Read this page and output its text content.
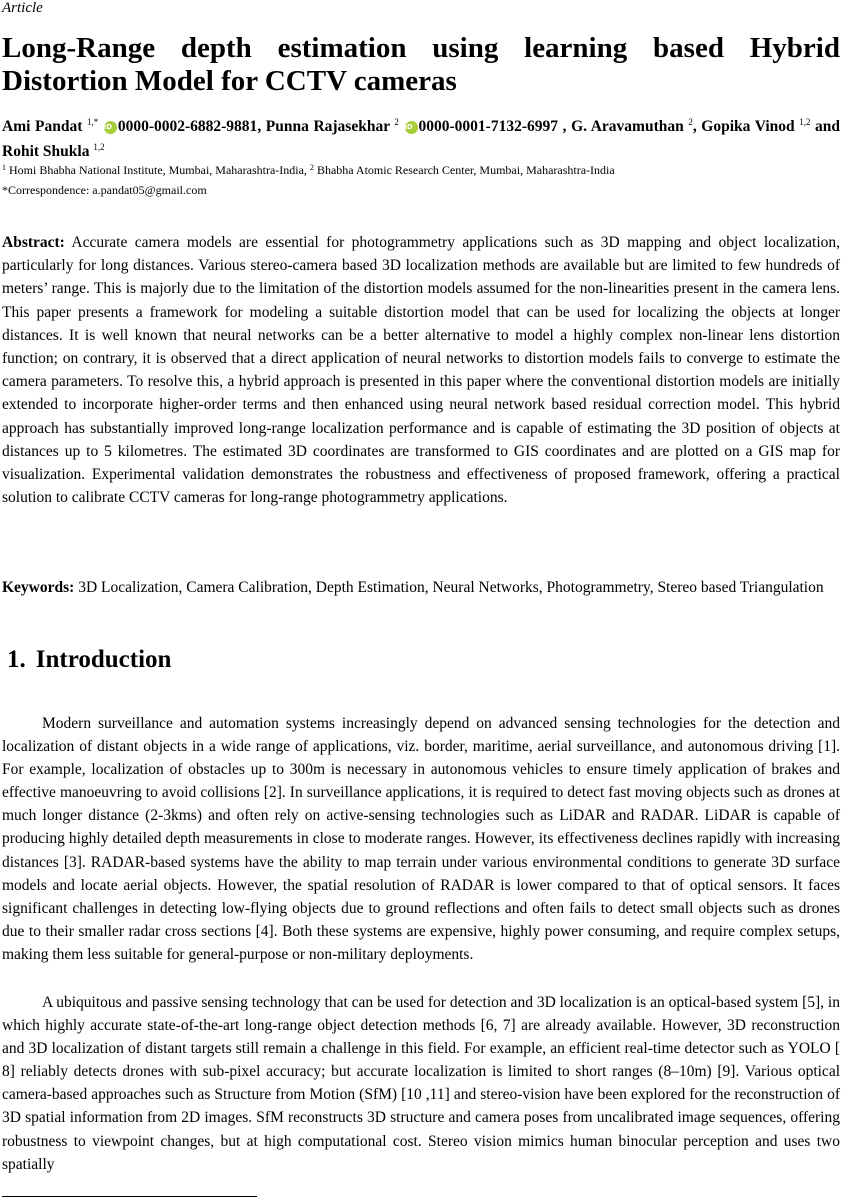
Article
Long-Range depth estimation using learning based Hybrid Distortion Model for CCTV cameras
Ami Pandat $^{1,*}$ iD 0000-0002-6882-9881, Punna Rajasekhar $^2$ iD 0000-0001-7132-6997 , G. Aravamuthan $^2$, Gopika Vinod $^{1,2}$ and Rohit Shukla $^{1,2}$
$^1$ Homi Bhabha National Institute, Mumbai, Maharashtra-India, $^2$ Bhabha Atomic Research Center, Mumbai, Maharashtra-India
*Correspondence: a.pandat05@gmail.com

Abstract: Accurate camera models are essential for photogrammetry applications such as 3D mapping and object localization, particularly for long distances. Various stereo-camera based 3D localization methods are available but are limited to few hundreds of meters’ range. This is majorly due to the limitation of the distortion models assumed for the non-linearities present in the camera lens. This paper presents a framework for modeling a suitable distortion model that can be used for localizing the objects at longer distances. It is well known that neural networks can be a better alternative to model a highly complex non-linear lens distortion function; on contrary, it is observed that a direct application of neural networks to distortion models fails to converge to estimate the camera parameters. To resolve this, a hybrid approach is presented in this paper where the conventional distortion models are initially extended to incorporate higher-order terms and then enhanced using neural network based residual correction model. This hybrid approach has substantially improved long-range localization performance and is capable of estimating the 3D position of objects at distances up to 5 kilometres. The estimated 3D coordinates are transformed to GIS coordinates and are plotted on a GIS map for visualization. Experimental validation demonstrates the robustness and effectiveness of proposed framework, offering a practical solution to calibrate CCTV cameras for long-range photogrammetry applications.

Keywords: 3D Localization, Camera Calibration, Depth Estimation, Neural Networks, Photogrammetry, Stereo based Triangulation

1. Introduction

Modern surveillance and automation systems increasingly depend on advanced sensing technologies for the detection and localization of distant objects in a wide range of applications, viz. border, maritime, aerial surveillance, and autonomous driving [1]. For example, localization of obstacles up to 300m is necessary in autonomous vehicles to ensure timely application of brakes and effective manoeuvring to avoid collisions [2]. In surveillance applications, it is required to detect fast moving objects such as drones at much longer distance (2-3kms) and often rely on active-sensing technologies such as LiDAR and RADAR. LiDAR is capable of producing highly detailed depth measurements in close to moderate ranges. However, its effectiveness declines rapidly with increasing distances [3]. RADAR-based systems have the ability to map terrain under various environmental conditions to generate 3D surface models and locate aerial objects. However, the spatial resolution of RADAR is lower compared to that of optical sensors. It faces significant challenges in detecting low-flying objects due to ground reflections and often fails to detect small objects such as drones due to their smaller radar cross sections [4]. Both these systems are expensive, highly power consuming, and require complex setups, making them less suitable for general-purpose or non-military deployments.

A ubiquitous and passive sensing technology that can be used for detection and 3D localization is an optical-based system [5], in which highly accurate state-of-the-art long-range object detection methods [6, 7] are already available. However, 3D reconstruction and 3D localization of distant targets still remain a challenge in this field. For example, an efficient real-time detector such as YOLO [ 8] reliably detects drones with sub-pixel accuracy; but accurate localization is limited to short ranges (8–10m) [9]. Various optical camera-based approaches such as Structure from Motion (SfM) [10 ,11] and stereo-vision have been explored for the reconstruction of 3D spatial information from 2D images. SfM reconstructs 3D structure and camera poses from uncalibrated image sequences, offering robustness to viewpoint changes, but at high computational cost. Stereo vision mimics human binocular perception and uses two spatially
